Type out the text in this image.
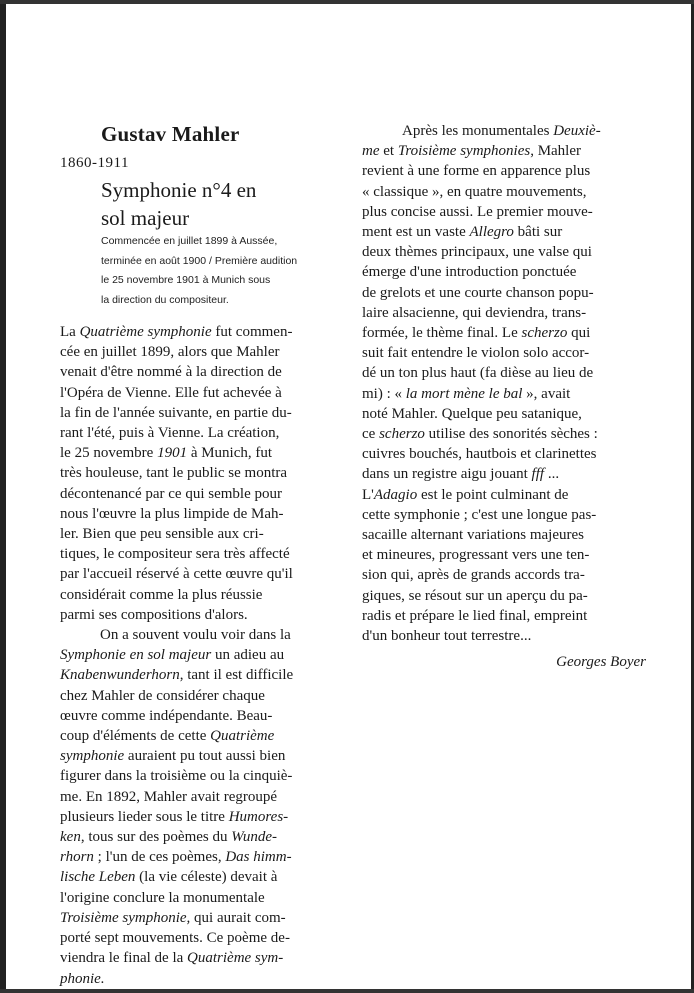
Gustav Mahler
1860-1911
Symphonie n°4 en
sol majeur
Commencée en juillet 1899 à Aussée,
terminée en août 1900 / Première audition
le 25 novembre 1901 à Munich sous
la direction du compositeur.
La Quatrième symphonie fut commen-
cée en juillet 1899, alors que Mahler
venait d'être nommé à la direction de
l'Opéra de Vienne. Elle fut achevée à
la fin de l'année suivante, en partie du-
rant l'été, puis à Vienne. La création,
le 25 novembre 1901 à Munich, fut
très houleuse, tant le public se montra
décontenancé par ce qui semble pour
nous l'œuvre la plus limpide de Mah-
ler. Bien que peu sensible aux cri-
tiques, le compositeur sera très affecté
par l'accueil réservé à cette œuvre qu'il
considérait comme la plus réussie
parmi ses compositions d'alors.
On a souvent voulu voir dans la
Symphonie en sol majeur un adieu au
Knabenwunderhorn, tant il est difficile
chez Mahler de considérer chaque
œuvre comme indépendante. Beau-
coup d'éléments de cette Quatrième
symphonie auraient pu tout aussi bien
figurer dans la troisième ou la cinquiè-
me. En 1892, Mahler avait regroupé
plusieurs lieder sous le titre Humores-
ken, tous sur des poèmes du Wunde-
rhorn ; l'un de ces poèmes, Das himm-
lische Leben (la vie céleste) devait à
l'origine conclure la monumentale
Troisième symphonie, qui aurait com-
porté sept mouvements. Ce poème de-
viendra le final de la Quatrième sym-
phonie.
Après les monumentales Deuxiè-
me et Troisième symphonies, Mahler
revient à une forme en apparence plus
« classique », en quatre mouvements,
plus concise aussi. Le premier mouve-
ment est un vaste Allegro bâti sur
deux thèmes principaux, une valse qui
émerge d'une introduction ponctuée
de grelots et une courte chanson popu-
laire alsacienne, qui deviendra, trans-
formée, le thème final. Le scherzo qui
suit fait entendre le violon solo accor-
dé un ton plus haut (fa dièse au lieu de
mi) : « la mort mène le bal », avait
noté Mahler. Quelque peu satanique,
ce scherzo utilise des sonorités sèches :
cuivres bouchés, hautbois et clarinettes
dans un registre aigu jouant fff ...
L'Adagio est le point culminant de
cette symphonie ; c'est une longue pas-
sacaille alternant variations majeures
et mineures, progressant vers une ten-
sion qui, après de grands accords tra-
giques, se résout sur un aperçu du pa-
radis et prépare le lied final, empreint
d'un bonheur tout terrestre...
Georges Boyer
